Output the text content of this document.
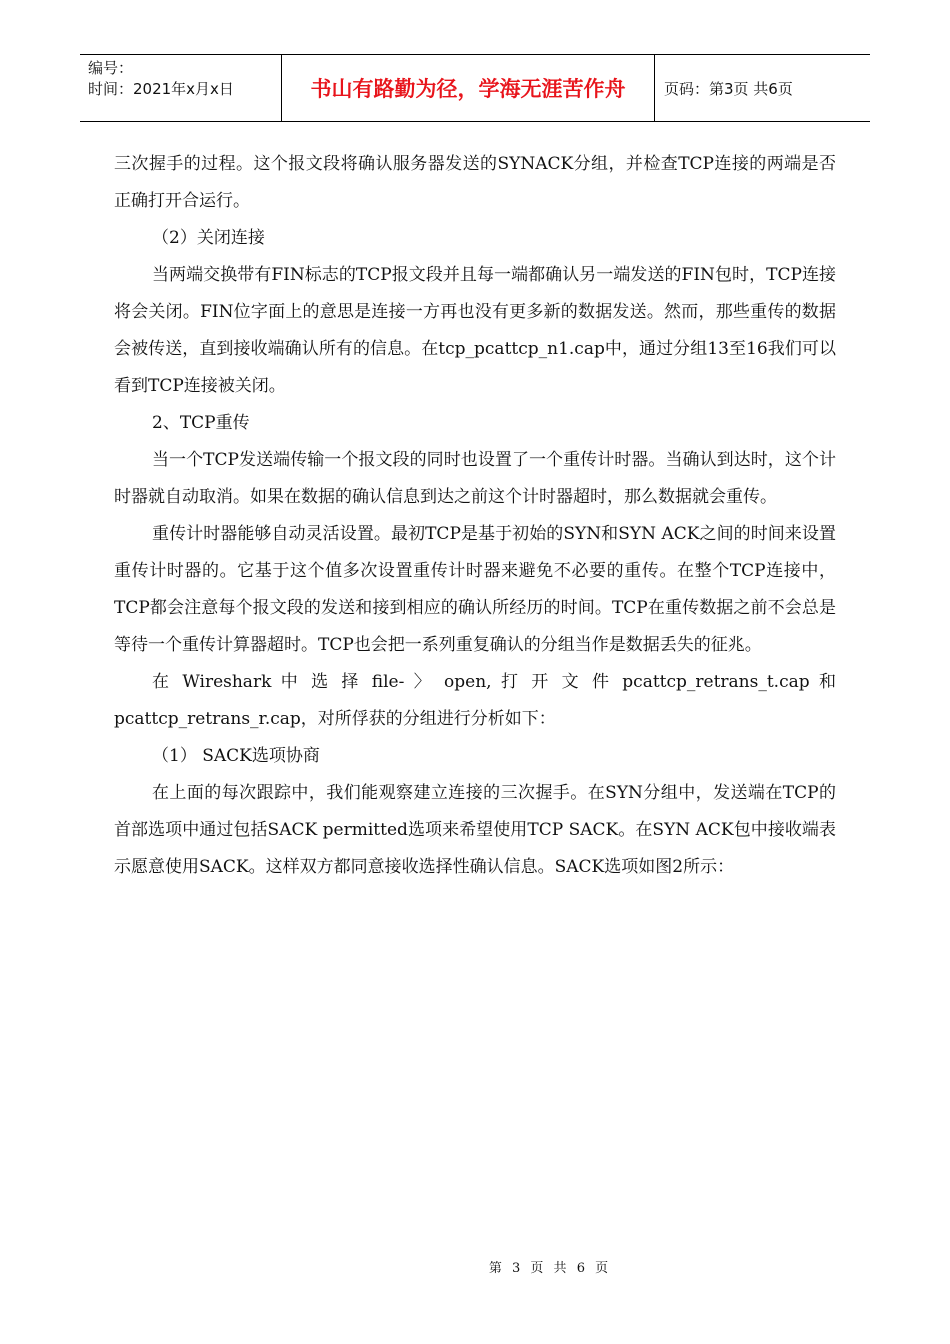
编号：
时间：2021年x月x日	书山有路勤为径，学海无涯苦作舟	页码：第3页 共6页

三次握手的过程。这个报文段将确认服务器发送的SYNACK分组，并检查TCP连接的两端是否正确打开合运行。

（2）关闭连接

当两端交换带有FIN标志的TCP报文段并且每一端都确认另一端发送的FIN包时，TCP连接将会关闭。FIN位字面上的意思是连接一方再也没有更多新的数据发送。然而，那些重传的数据会被传送，直到接收端确认所有的信息。在tcp_pcattcp_n1.cap中，通过分组13至16我们可以看到TCP连接被关闭。

2、TCP重传

当一个TCP发送端传输一个报文段的同时也设置了一个重传计时器。当确认到达时，这个计时器就自动取消。如果在数据的确认信息到达之前这个计时器超时，那么数据就会重传。

重传计时器能够自动灵活设置。最初TCP是基于初始的SYN和SYN ACK之间的时间来设置重传计时器的。它基于这个值多次设置重传计时器来避免不必要的重传。在整个TCP连接中，TCP都会注意每个报文段的发送和接到相应的确认所经历的时间。TCP在重传数据之前不会总是等待一个重传计算器超时。TCP也会把一系列重复确认的分组当作是数据丢失的征兆。

在 Wireshark 中 选 择 file- 〉 open, 打 开 文 件 pcattcp_retrans_t.cap 和

pcattcp_retrans_r.cap，对所俘获的分组进行分析如下：

（1） SACK选项协商

在上面的每次跟踪中，我们能观察建立连接的三次握手。在SYN分组中，发送端在TCP的首部选项中通过包括SACK permitted选项来希望使用TCP SACK。在SYN ACK包中接收端表示愿意使用SACK。这样双方都同意接收选择性确认信息。SACK选项如图2所示：

第 3 页 共 6 页
